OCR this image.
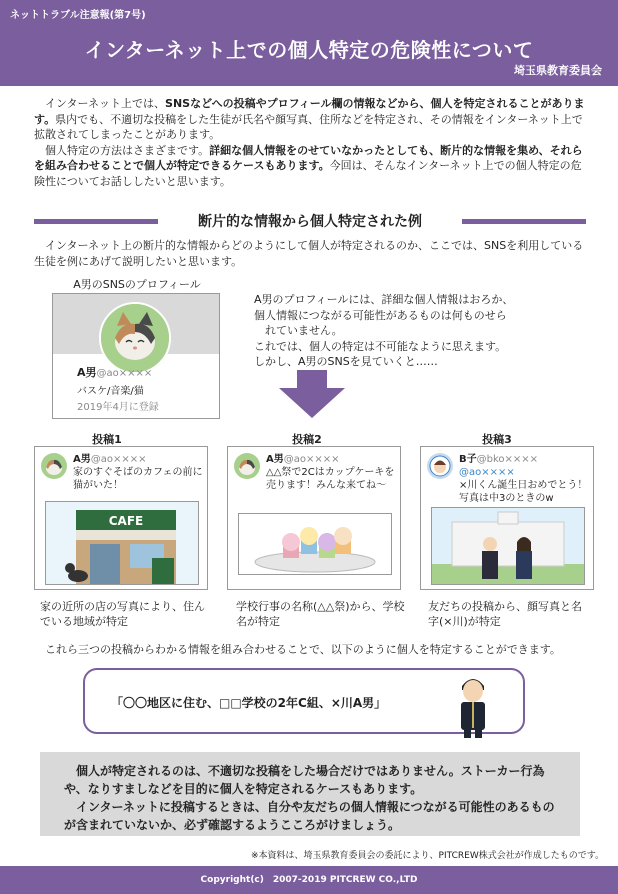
ネットトラブル注意報(第7号)
インターネット上での個人特定の危険性について
埼玉県教育委員会

インターネット上では、SNSなどへの投稿やプロフィール欄の情報などから、個人を特定されることがあります。県内でも、不適切な投稿をした生徒が氏名や顔写真、住所などを特定され、その情報をインターネット上で拡散されてしまったことがあります。

個人特定の方法はさまざまです。詳細な個人情報をのせていなかったとしても、断片的な情報を集め、それらを組み合わせることで個人が特定できるケースもあります。今回は、そんなインターネット上での個人特定の危険性についてお話ししたいと思います。

断片的な情報から個人特定された例
インターネット上の断片的な情報からどのようにして個人が特定されるのか、ここでは、SNSを利用している生徒を例にあげて説明したいと思います。
A男のSNSのプロフィール
A男@ao××××
バスケ/音楽/猫
2019年4月に登録
A男のプロフィールには、詳細な個人情報はおろか、
個人情報につながる可能性があるものは何ものせら
れていません。
これでは、個人の特定は不可能なように思えます。
しかし、A男のSNSを見ていくと……
投稿1	投稿2	投稿3
A男@ao××××
家のすぐそばのカフェの前に猫がいた！
CAFE
A男@ao××××
△△祭で2Cはカップケーキを売ります！みんな来てね〜
B子@bko××××
@ao××××
×川くん誕生日おめでとう！写真は中3のときのw
家の近所の店の写真により、住んでいる地域が特定
学校行事の名称(△△祭)から、学校名が特定
友だちの投稿から、顔写真と名字(×川)が特定
これら三つの投稿からわかる情報を組み合わせることで、以下のように個人を特定することができます。
「〇〇地区に住む、□□学校の2年C組、×川A男」

個人が特定されるのは、不適切な投稿をした場合だけではありません。ストーカー行為や、なりすましなどを目的に個人を特定されるケースもあります。

インターネットに投稿するときは、自分や友だちの個人情報につながる可能性のあるものが含まれていないか、必ず確認するようこころがけましょう。

※本資料は、埼玉県教育委員会の委託により、PITCREW株式会社が作成したものです。
Copyright(c)　2007-2019 PITCREW CO.,LTD
